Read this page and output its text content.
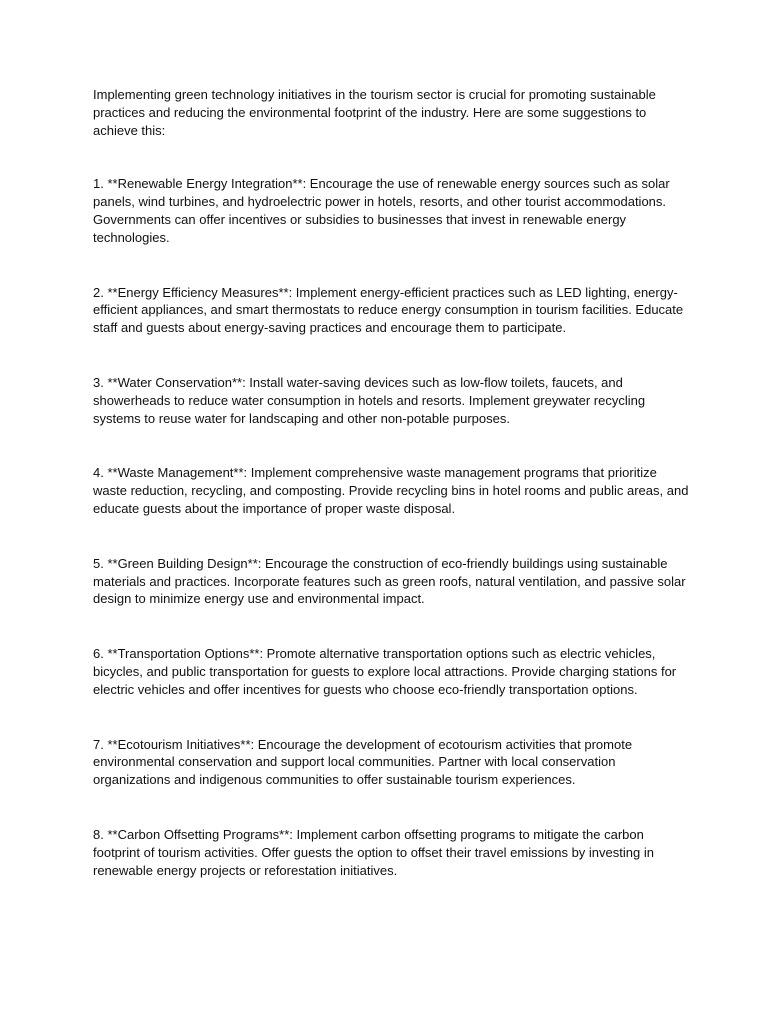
Implementing green technology initiatives in the tourism sector is crucial for promoting sustainable practices and reducing the environmental footprint of the industry. Here are some suggestions to achieve this:

1. **Renewable Energy Integration**: Encourage the use of renewable energy sources such as solar panels, wind turbines, and hydroelectric power in hotels, resorts, and other tourist accommodations. Governments can offer incentives or subsidies to businesses that invest in renewable energy technologies.

2. **Energy Efficiency Measures**: Implement energy-efficient practices such as LED lighting, energy-efficient appliances, and smart thermostats to reduce energy consumption in tourism facilities. Educate staff and guests about energy-saving practices and encourage them to participate.

3. **Water Conservation**: Install water-saving devices such as low-flow toilets, faucets, and showerheads to reduce water consumption in hotels and resorts. Implement greywater recycling systems to reuse water for landscaping and other non-potable purposes.

4. **Waste Management**: Implement comprehensive waste management programs that prioritize waste reduction, recycling, and composting. Provide recycling bins in hotel rooms and public areas, and educate guests about the importance of proper waste disposal.

5. **Green Building Design**: Encourage the construction of eco-friendly buildings using sustainable materials and practices. Incorporate features such as green roofs, natural ventilation, and passive solar design to minimize energy use and environmental impact.

6. **Transportation Options**: Promote alternative transportation options such as electric vehicles, bicycles, and public transportation for guests to explore local attractions. Provide charging stations for electric vehicles and offer incentives for guests who choose eco-friendly transportation options.

7. **Ecotourism Initiatives**: Encourage the development of ecotourism activities that promote environmental conservation and support local communities. Partner with local conservation organizations and indigenous communities to offer sustainable tourism experiences.

8. **Carbon Offsetting Programs**: Implement carbon offsetting programs to mitigate the carbon footprint of tourism activities. Offer guests the option to offset their travel emissions by investing in renewable energy projects or reforestation initiatives.
